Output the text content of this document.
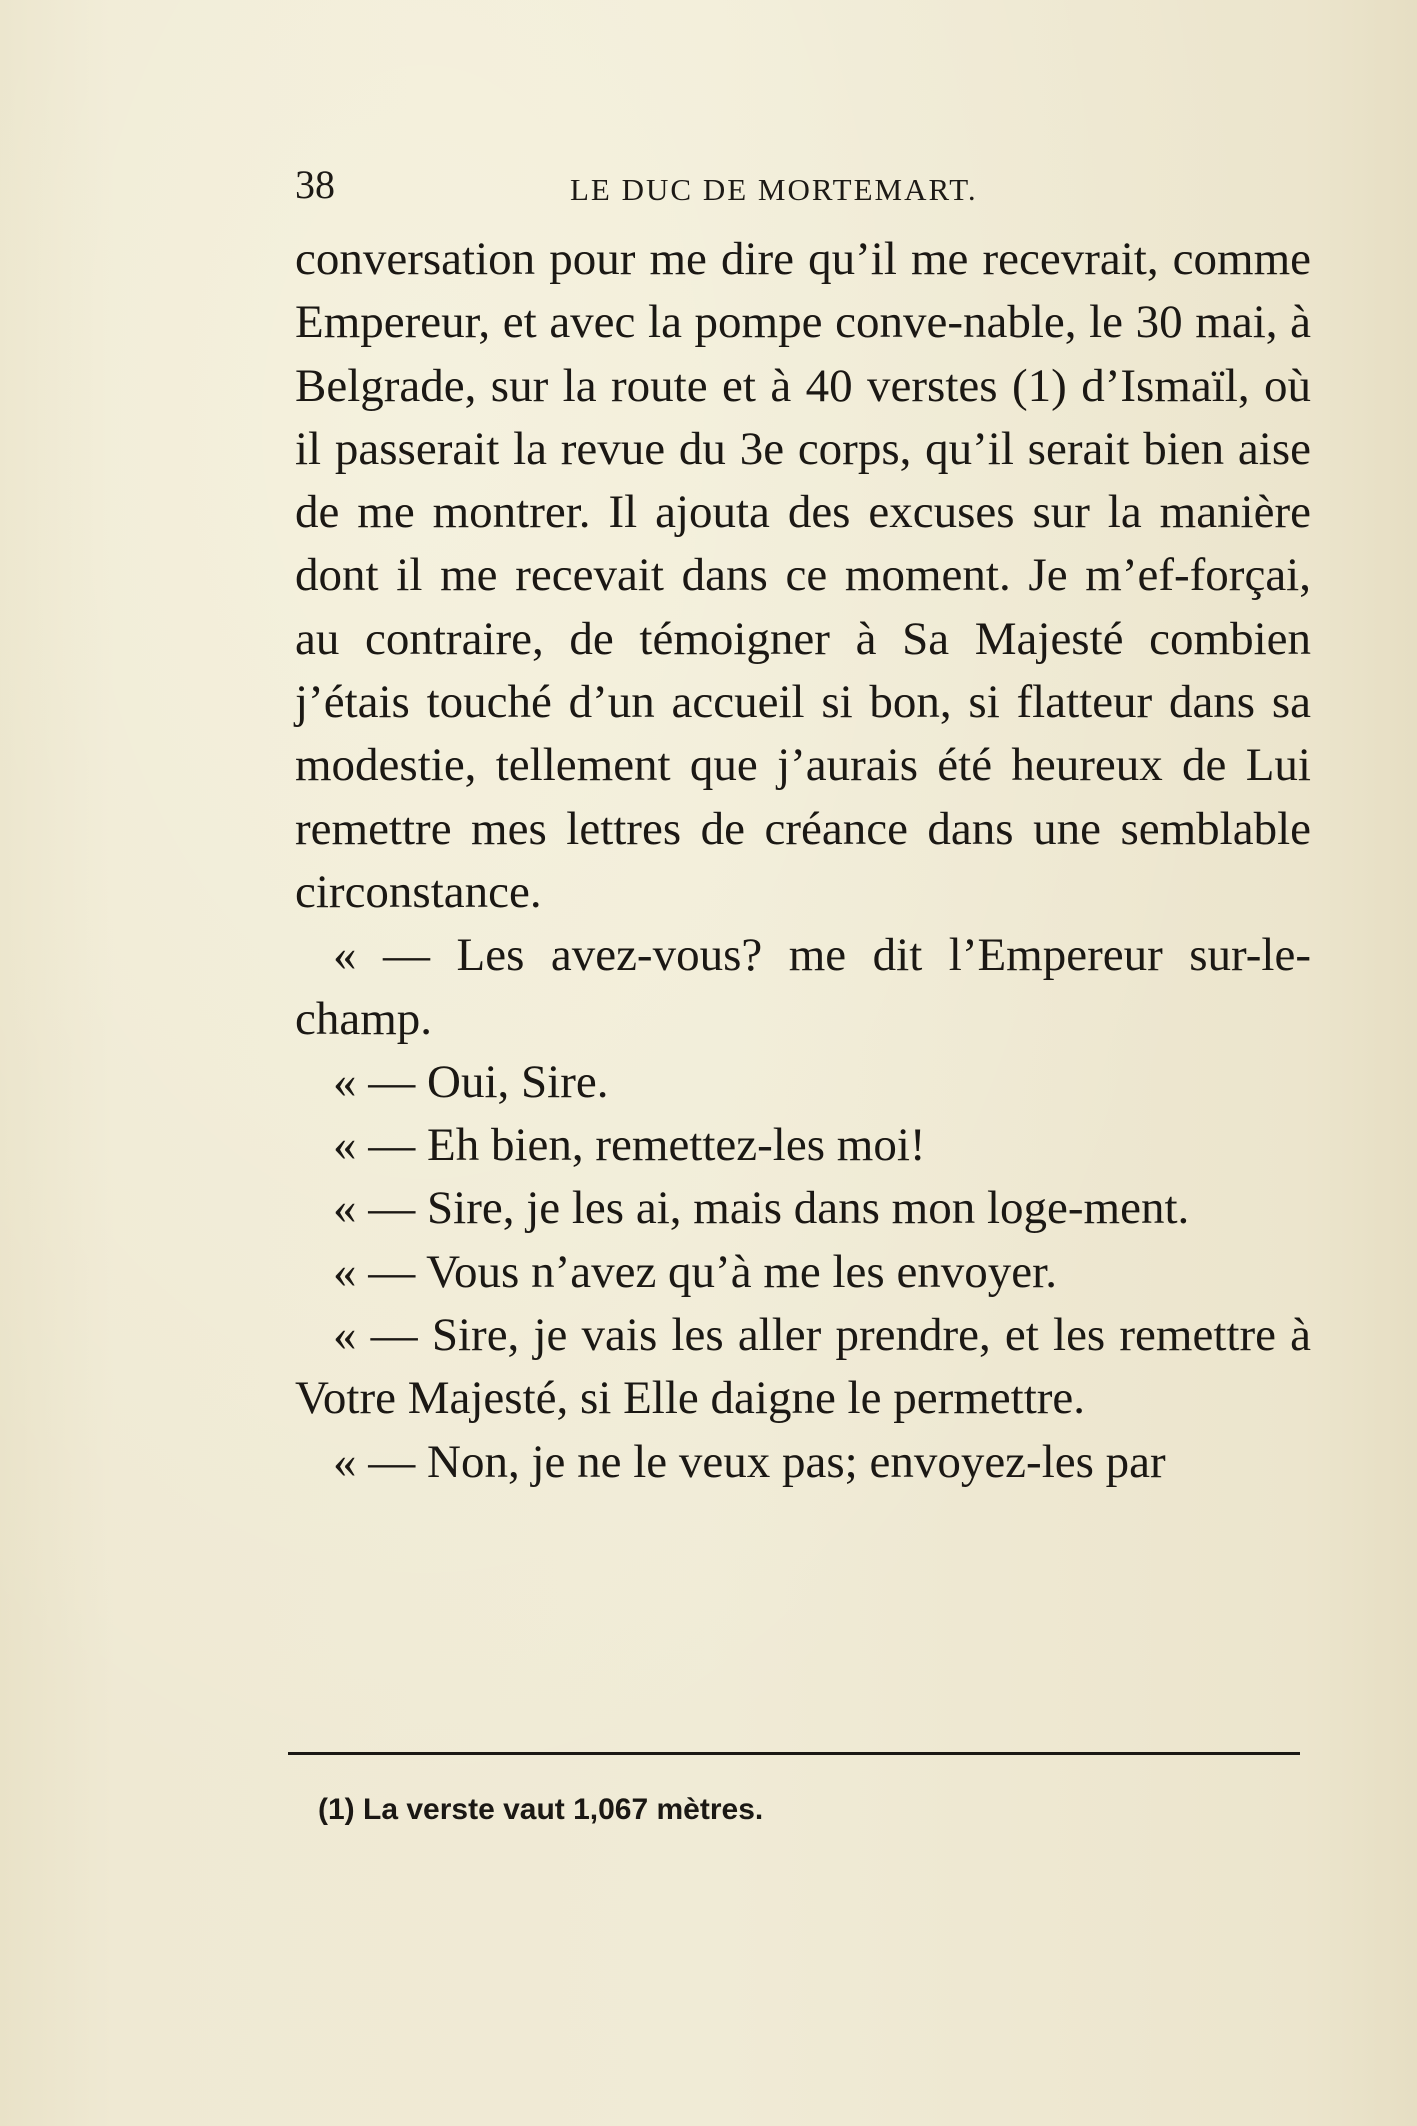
38	LE DUC DE MORTEMART.

conversation pour me dire qu’il me recevrait, comme Empereur, et avec la pompe conve-nable, le 30 mai, à Belgrade, sur la route et à 40 verstes (1) d’Ismaïl, où il passerait la revue du 3e corps, qu’il serait bien aise de me montrer. Il ajouta des excuses sur la manière dont il me recevait dans ce moment. Je m’ef-forçai, au contraire, de témoigner à Sa Majesté combien j’étais touché d’un accueil si bon, si flatteur dans sa modestie, tellement que j’aurais été heureux de Lui remettre mes lettres de créance dans une semblable circonstance.

« — Les avez-vous? me dit l’Empereur sur-le-champ.

« — Oui, Sire.

« — Eh bien, remettez-les moi!

« — Sire, je les ai, mais dans mon loge-ment.

« — Vous n’avez qu’à me les envoyer.

« — Sire, je vais les aller prendre, et les remettre à Votre Majesté, si Elle daigne le permettre.

« — Non, je ne le veux pas; envoyez-les par

(1) La verste vaut 1,067 mètres.
